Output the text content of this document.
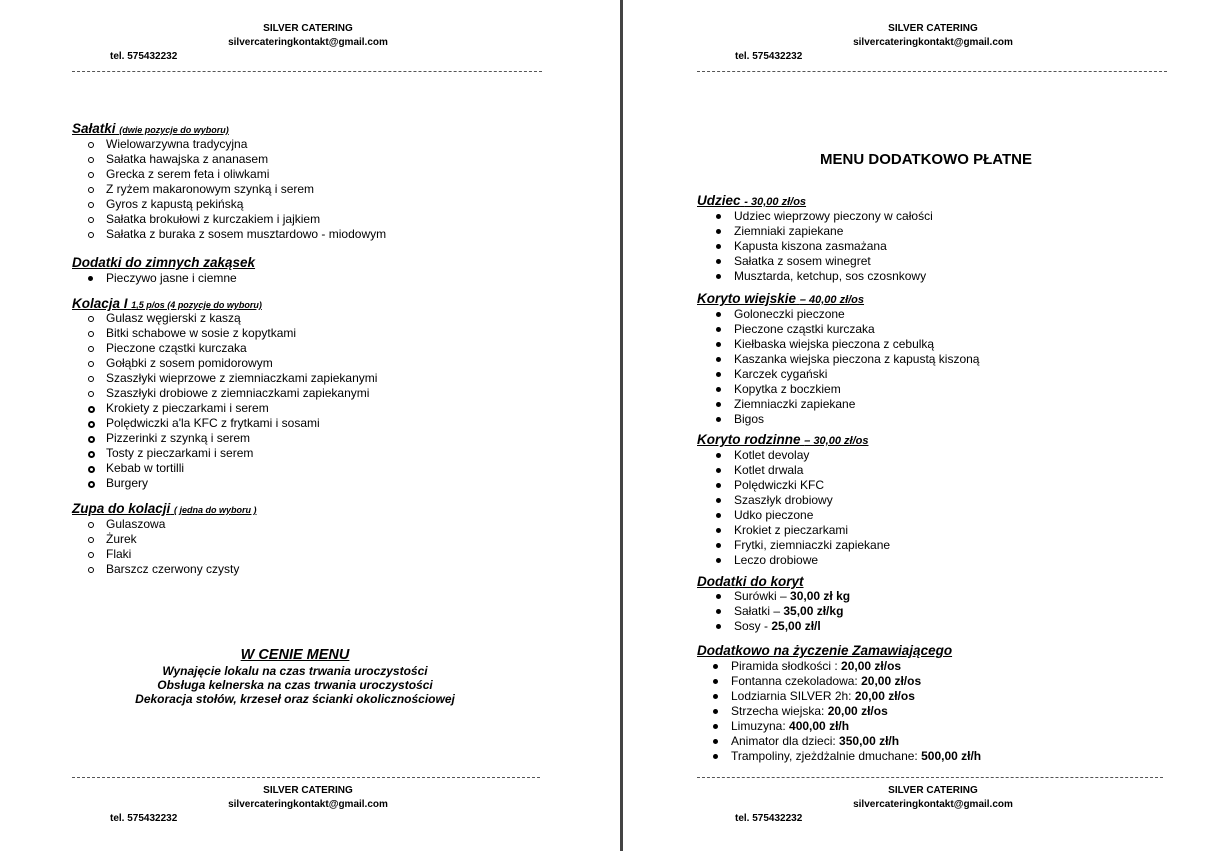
SILVER CATERING
silvercateringkontakt@gmail.com
tel. 575432232
Sałatki (dwie pozycje do wyboru)
Wielowarzywna tradycyjna
Sałatka hawajska z ananasem
Grecka z serem feta i oliwkami
Z ryżem makaronowym szynką i serem
Gyros z kapustą pekińską
Sałatka brokułowi z kurczakiem i jajkiem
Sałatka z buraka z sosem musztardowo - miodowym
Dodatki do zimnych zakąsek
Pieczywo jasne i ciemne
Kolacja I 1,5 p/os (4 pozycje do wyboru)
Gulasz węgierski z kaszą
Bitki schabowe w sosie z kopytkami
Pieczone cząstki kurczaka
Gołąbki z sosem pomidorowym
Szaszłyki wieprzowe z ziemniaczkami zapiekanymi
Szaszłyki drobiowe z ziemniaczkami zapiekanymi
Krokiety z pieczarkami i serem
Polędwiczki a'la KFC z frytkami i sosami
Pizzerinki z szynką i serem
Tosty z pieczarkami i serem
Kebab w tortilli
Burgery
Zupa do kolacji ( jedna do wyboru )
Gulaszowa
Żurek
Flaki
Barszcz czerwony czysty
W CENIE MENU
Wynajęcie lokalu na czas trwania uroczystości
Obsługa kelnerska na czas trwania uroczystości
Dekoracja stołów, krzeseł oraz ścianki okolicznościowej
SILVER CATERING
silvercateringkontakt@gmail.com
tel. 575432232
SILVER CATERING
silvercateringkontakt@gmail.com
tel. 575432232
MENU DODATKOWO PŁATNE
Udziec - 30,00 zł/os
Udziec wieprzowy pieczony w całości
Ziemniaki zapiekane
Kapusta kiszona zasmażana
Sałatka z sosem winegret
Musztarda, ketchup, sos czosnkowy
Koryto wiejskie – 40,00 zł/os
Goloneczki pieczone
Pieczone cząstki kurczaka
Kiełbaska wiejska pieczona z cebulką
Kaszanka wiejska pieczona z kapustą kiszoną
Karczek cygański
Kopytka z boczkiem
Ziemniaczki zapiekane
Bigos
Koryto rodzinne – 30,00 zł/os
Kotlet devolay
Kotlet drwala
Polędwiczki KFC
Szaszłyk drobiowy
Udko pieczone
Krokiet z pieczarkami
Frytki, ziemniaczki zapiekane
Leczo drobiowe
Dodatki do koryt
Surówki – 30,00 zł kg
Sałatki – 35,00 zł/kg
Sosy - 25,00 zł/l
Dodatkowo na życzenie Zamawiającego
Piramida słodkości : 20,00 zł/os
Fontanna czekoladowa: 20,00 zł/os
Lodziarnia SILVER 2h: 20,00 zł/os
Strzecha wiejska: 20,00 zł/os
Limuzyna: 400,00 zł/h
Animator dla dzieci: 350,00 zł/h
Trampoliny, zjeżdżalnie dmuchane: 500,00 zł/h
SILVER CATERING
silvercateringkontakt@gmail.com
tel. 575432232
